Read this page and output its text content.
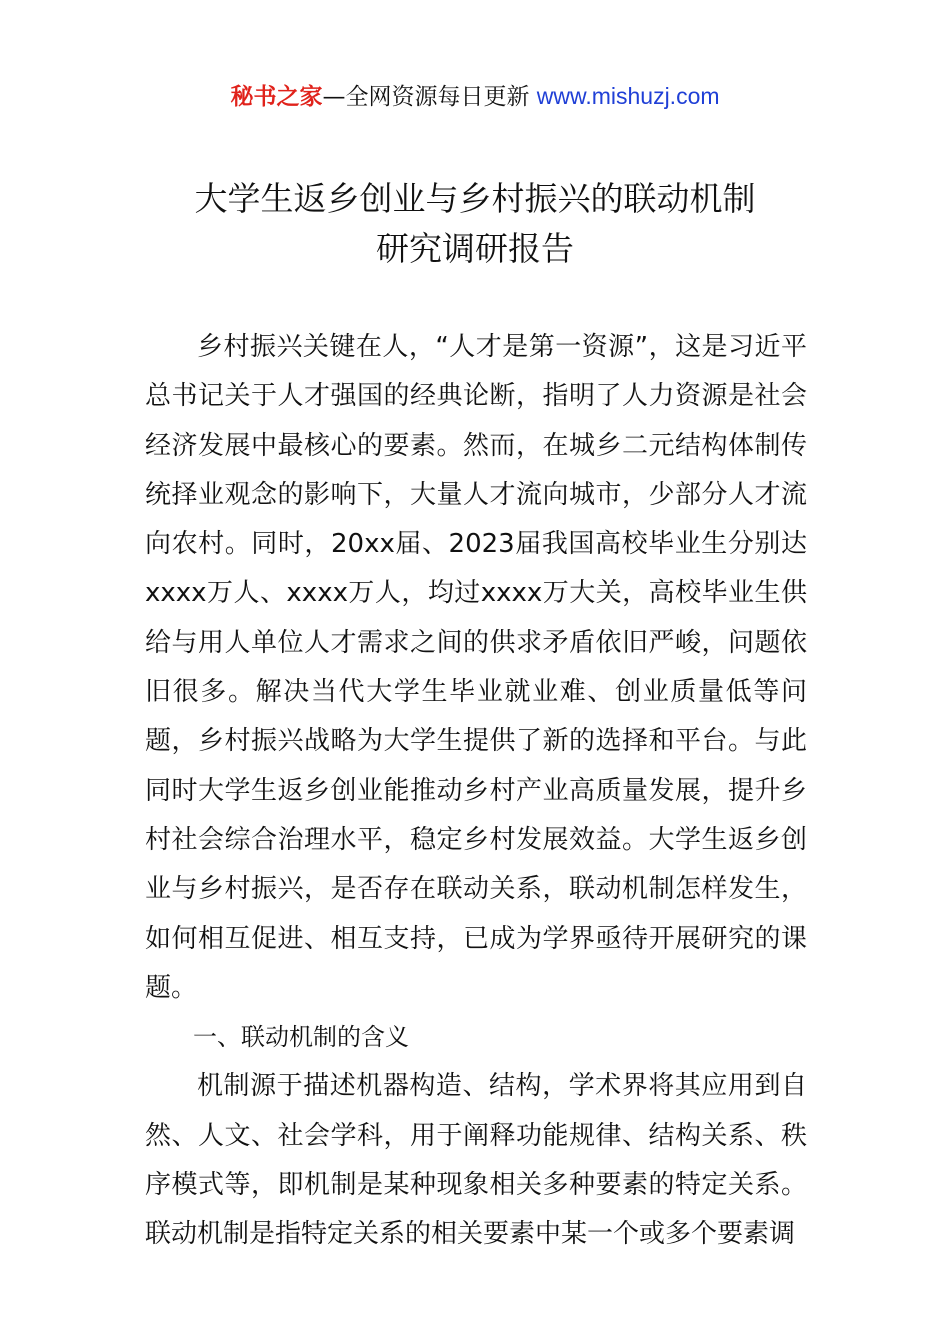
秘书之家—全网资源每日更新 www.mishuzj.com
大学生返乡创业与乡村振兴的联动机制
研究调研报告

乡村振兴关键在人，“人才是第一资源”，这是习近平总书记关于人才强国的经典论断，指明了人力资源是社会经济发展中最核心的要素。然而，在城乡二元结构体制传统择业观念的影响下，大量人才流向城市，少部分人才流向农村。同时，20xx届、2023届我国高校毕业生分别达xxxx万人、xxxx万人，均过xxxx万大关，高校毕业生供给与用人单位人才需求之间的供求矛盾依旧严峻，问题依旧很多。解决当代大学生毕业就业难、创业质量低等问题，乡村振兴战略为大学生提供了新的选择和平台。与此同时大学生返乡创业能推动乡村产业高质量发展，提升乡村社会综合治理水平，稳定乡村发展效益。大学生返乡创业与乡村振兴，是否存在联动关系，联动机制怎样发生，如何相互促进、相互支持，已成为学界亟待开展研究的课题。

一、联动机制的含义

机制源于描述机器构造、结构，学术界将其应用到自然、人文、社会学科，用于阐释功能规律、结构关系、秩序模式等，即机制是某种现象相关多种要素的特定关系。联动机制是指特定关系的相关要素中某一个或多个要素调
